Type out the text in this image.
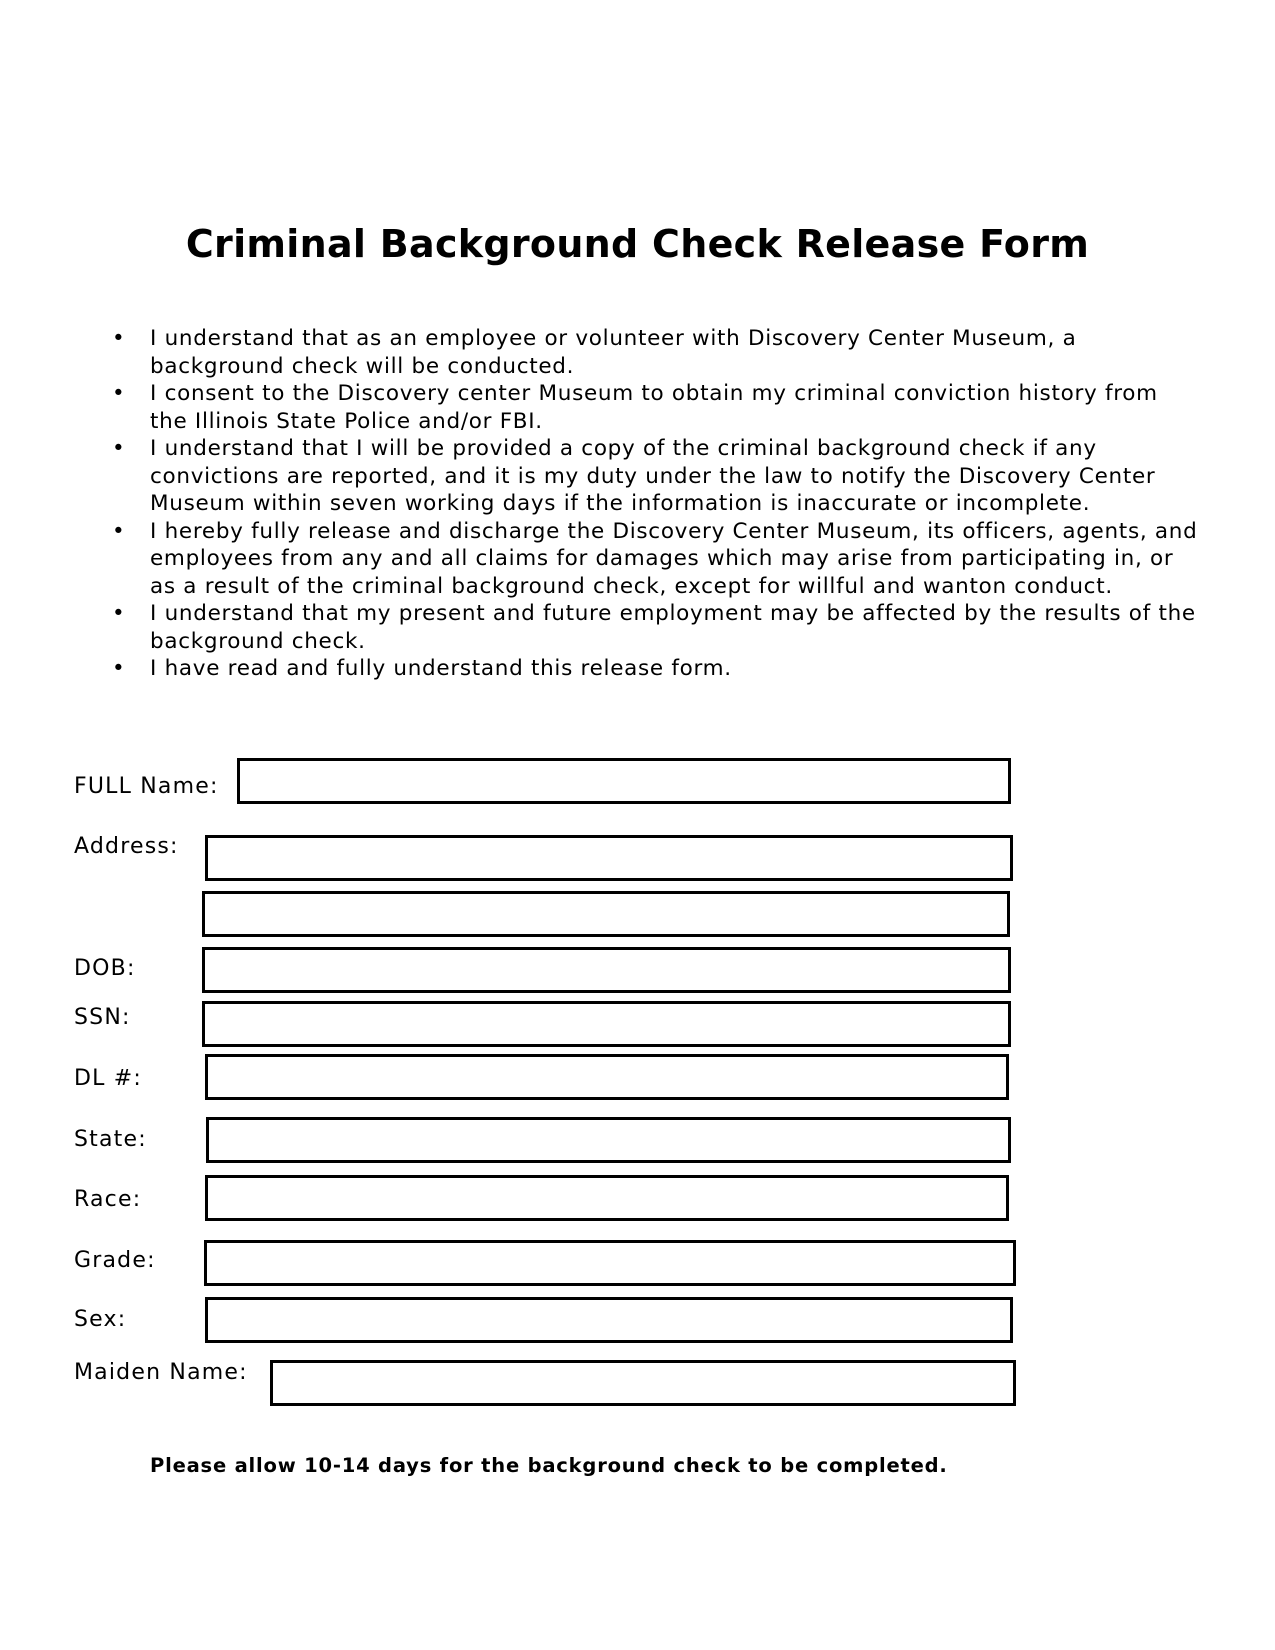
Criminal Background Check Release Form
• I understand that as an employee or volunteer with Discovery Center Museum, a background check will be conducted.
• I consent to the Discovery center Museum to obtain my criminal conviction history from the Illinois State Police and/or FBI.
• I understand that I will be provided a copy of the criminal background check if any convictions are reported, and it is my duty under the law to notify the Discovery Center Museum within seven working days if the information is inaccurate or incomplete.
• I hereby fully release and discharge the Discovery Center Museum, its officers, agents, and employees from any and all claims for damages which may arise from participating in, or as a result of the criminal background check, except for willful and wanton conduct.
• I understand that my present and future employment may be affected by the results of the background check.
• I have read and fully understand this release form.
FULL Name:
Address:
DOB:
SSN:
DL #:
State:
Race:
Grade:
Sex:
Maiden Name:
Please allow 10-14 days for the background check to be completed.
